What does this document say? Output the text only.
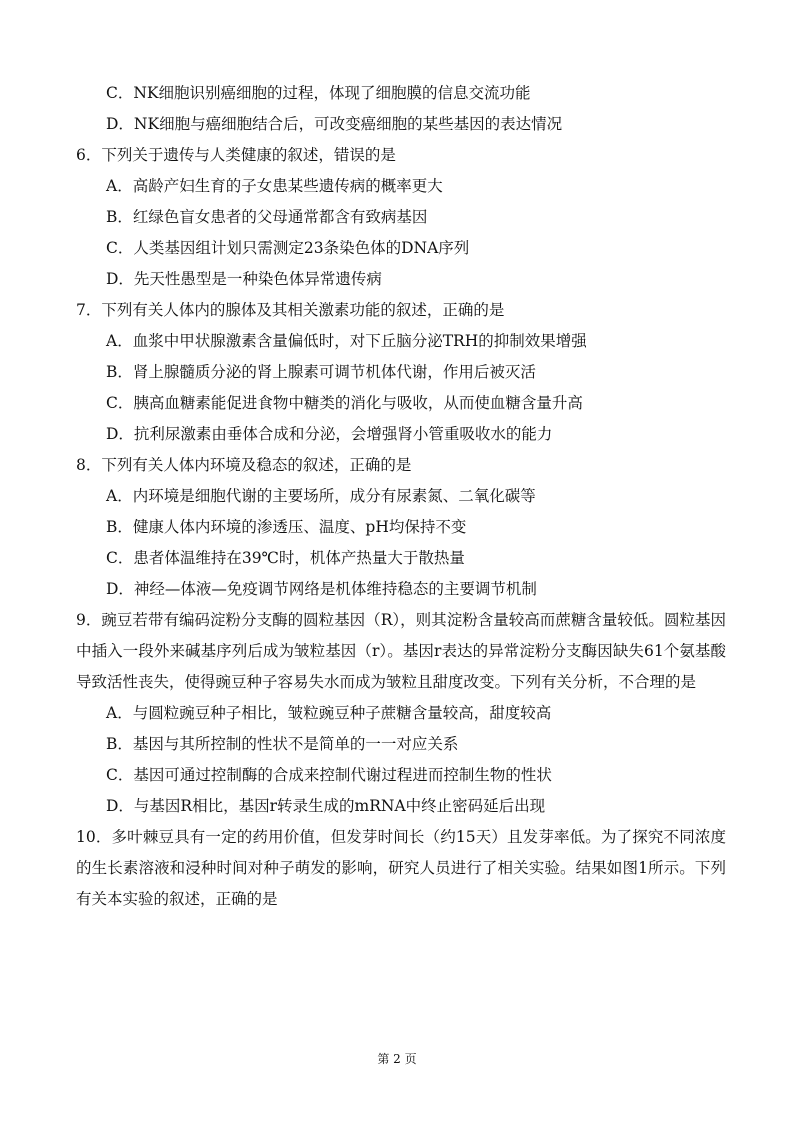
C．NK细胞识别癌细胞的过程，体现了细胞膜的信息交流功能
D．NK细胞与癌细胞结合后，可改变癌细胞的某些基因的表达情况
6．下列关于遗传与人类健康的叙述，错误的是
A．高龄产妇生育的子女患某些遗传病的概率更大
B．红绿色盲女患者的父母通常都含有致病基因
C．人类基因组计划只需测定23条染色体的DNA序列
D．先天性愚型是一种染色体异常遗传病
7．下列有关人体内的腺体及其相关激素功能的叙述，正确的是
A．血浆中甲状腺激素含量偏低时，对下丘脑分泌TRH的抑制效果增强
B．肾上腺髓质分泌的肾上腺素可调节机体代谢，作用后被灭活
C．胰高血糖素能促进食物中糖类的消化与吸收，从而使血糖含量升高
D．抗利尿激素由垂体合成和分泌，会增强肾小管重吸收水的能力
8．下列有关人体内环境及稳态的叙述，正确的是
A．内环境是细胞代谢的主要场所，成分有尿素氮、二氧化碳等
B．健康人体内环境的渗透压、温度、pH均保持不变
C．患者体温维持在39℃时，机体产热量大于散热量
D．神经—体液—免疫调节网络是机体维持稳态的主要调节机制
9．豌豆若带有编码淀粉分支酶的圆粒基因（R），则其淀粉含量较高而蔗糖含量较低。圆粒基因中插入一段外来碱基序列后成为皱粒基因（r）。基因r表达的异常淀粉分支酶因缺失61个氨基酸导致活性丧失，使得豌豆种子容易失水而成为皱粒且甜度改变。下列有关分析，不合理的是
A．与圆粒豌豆种子相比，皱粒豌豆种子蔗糖含量较高，甜度较高
B．基因与其所控制的性状不是简单的一一对应关系
C．基因可通过控制酶的合成来控制代谢过程进而控制生物的性状
D．与基因R相比，基因r转录生成的mRNA中终止密码延后出现
10．多叶棘豆具有一定的药用价值，但发芽时间长（约15天）且发芽率低。为了探究不同浓度的生长素溶液和浸种时间对种子萌发的影响，研究人员进行了相关实验。结果如图1所示。下列有关本实验的叙述，正确的是
第 2 页
